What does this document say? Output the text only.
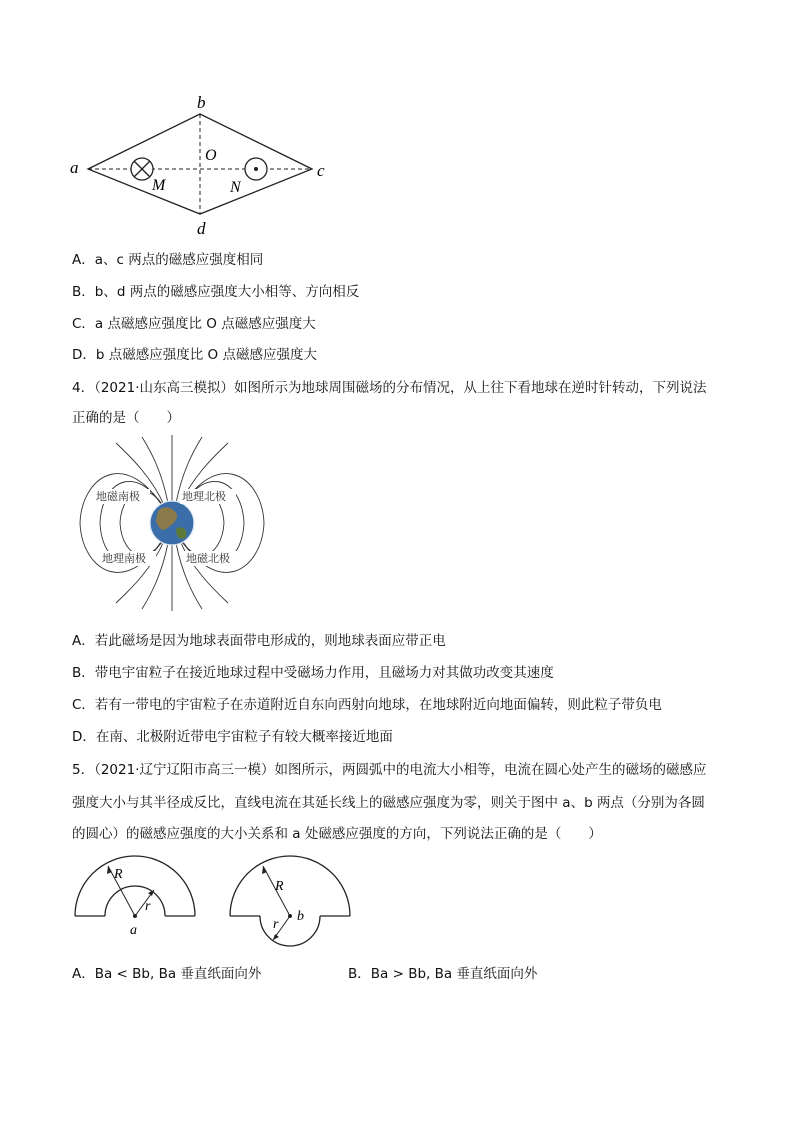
b
a	c
d
O
M	N
A．a、c 两点的磁感应强度相同
B．b、d 两点的磁感应强度大小相等、方向相反
C．a 点磁感应强度比 O 点磁感应强度大
D．b 点磁感应强度比 O 点磁感应强度大
4．（2021·山东高三模拟）如图所示为地球周围磁场的分布情况，从上往下看地球在逆时针转动，下列说法
正确的是（　　）
地磁南极	地理北极
地理南极	地磁北极
A．若此磁场是因为地球表面带电形成的，则地球表面应带正电
B．带电宇宙粒子在接近地球过程中受磁场力作用，且磁场力对其做功改变其速度
C．若有一带电的宇宙粒子在赤道附近自东向西射向地球，在地球附近向地面偏转，则此粒子带负电
D．在南、北极附近带电宇宙粒子有较大概率接近地面
5．（2021·辽宁辽阳市高三一模）如图所示，两圆弧中的电流大小相等，电流在圆心处产生的磁场的磁感应
强度大小与其半径成反比，直线电流在其延长线上的磁感应强度为零，则关于图中 a、b 两点（分别为各圆
的圆心）的磁感应强度的大小关系和 a 处磁感应强度的方向，下列说法正确的是（　　）
R
r
a
R
r
b
A．Ba < Bb, Ba 垂直纸面向外	B．Ba > Bb, Ba 垂直纸面向外
